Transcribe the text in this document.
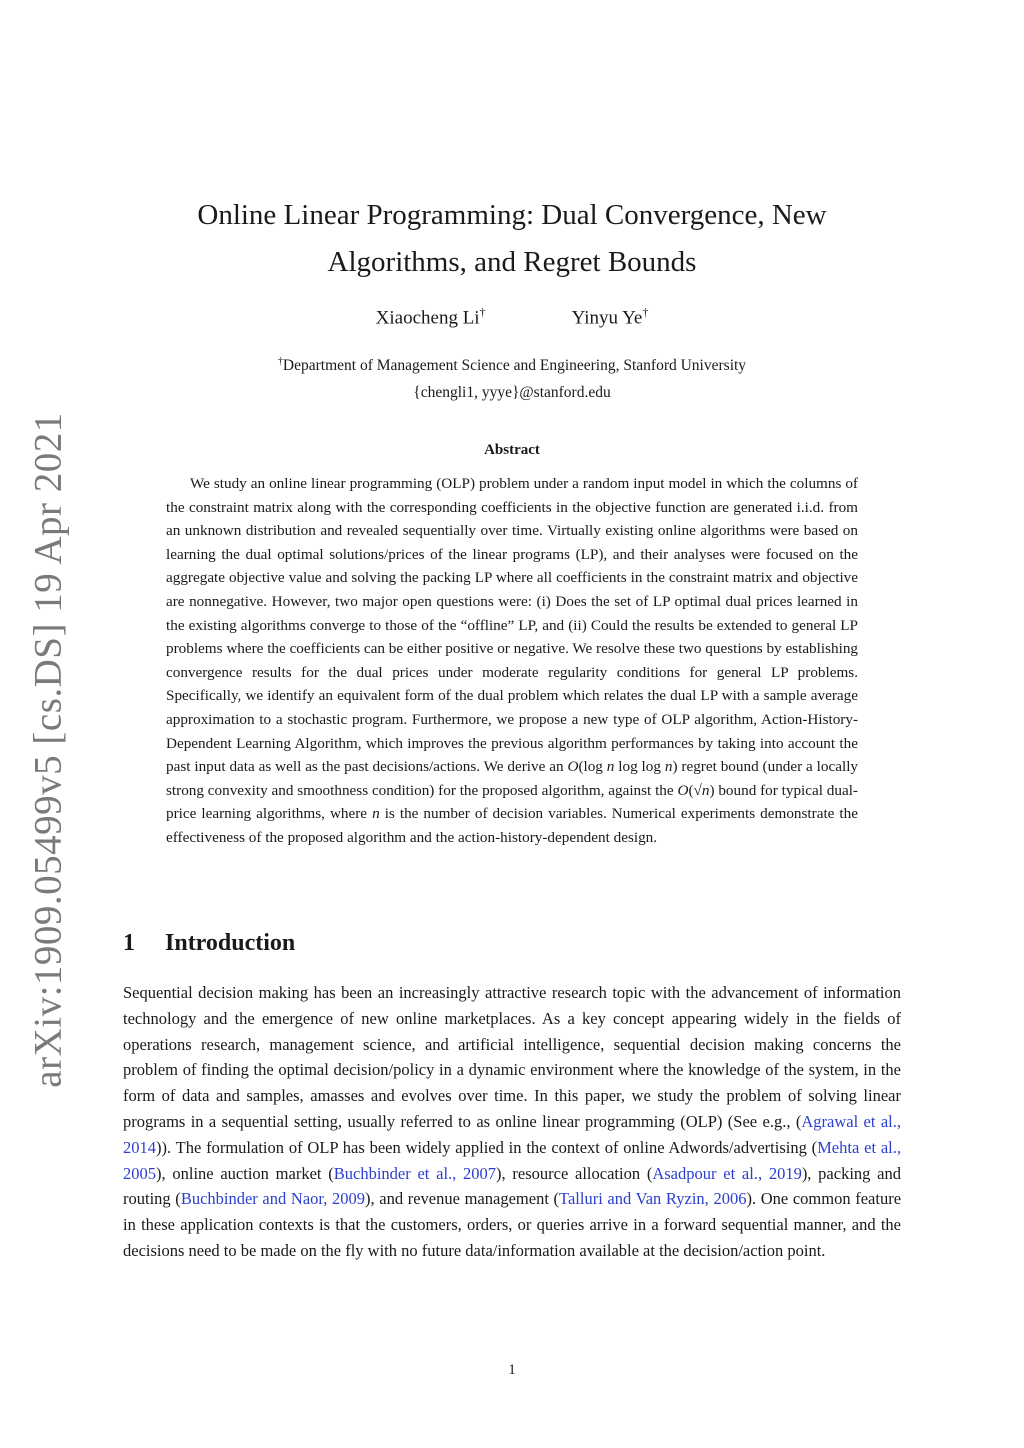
arXiv:1909.05499v5 [cs.DS] 19 Apr 2021
Online Linear Programming: Dual Convergence, New Algorithms, and Regret Bounds
Xiaocheng Li†	Yinyu Ye†
†Department of Management Science and Engineering, Stanford University
{chengli1, yyye}@stanford.edu
Abstract

We study an online linear programming (OLP) problem under a random input model in which the columns of the constraint matrix along with the corresponding coefficients in the objective function are generated i.i.d. from an unknown distribution and revealed sequentially over time. Virtually existing online algorithms were based on learning the dual optimal solutions/prices of the linear programs (LP), and their analyses were focused on the aggregate objective value and solving the packing LP where all coefficients in the constraint matrix and objective are nonnegative. However, two major open questions were: (i) Does the set of LP optimal dual prices learned in the existing algorithms converge to those of the “offline” LP, and (ii) Could the results be extended to general LP problems where the coefficients can be either positive or negative. We resolve these two questions by establishing convergence results for the dual prices under moderate regularity conditions for general LP problems. Specifically, we identify an equivalent form of the dual problem which relates the dual LP with a sample average approximation to a stochastic program. Furthermore, we propose a new type of OLP algorithm, Action-History-Dependent Learning Algorithm, which improves the previous algorithm performances by taking into account the past input data as well as the past decisions/actions. We derive an O(log n log log n) regret bound (under a locally strong convexity and smoothness condition) for the proposed algorithm, against the O(√n) bound for typical dual-price learning algorithms, where n is the number of decision variables. Numerical experiments demonstrate the effectiveness of the proposed algorithm and the action-history-dependent design.

1 Introduction

Sequential decision making has been an increasingly attractive research topic with the advancement of information technology and the emergence of new online marketplaces. As a key concept appearing widely in the fields of operations research, management science, and artificial intelligence, sequential decision making concerns the problem of finding the optimal decision/policy in a dynamic environment where the knowledge of the system, in the form of data and samples, amasses and evolves over time. In this paper, we study the problem of solving linear programs in a sequential setting, usually referred to as online linear programming (OLP) (See e.g., (Agrawal et al., 2014)). The formulation of OLP has been widely applied in the context of online Adwords/advertising (Mehta et al., 2005), online auction market (Buchbinder et al., 2007), resource allocation (Asadpour et al., 2019), packing and routing (Buchbinder and Naor, 2009), and revenue management (Talluri and Van Ryzin, 2006). One common feature in these application contexts is that the customers, orders, or queries arrive in a forward sequential manner, and the decisions need to be made on the fly with no future data/information available at the decision/action point.

1
